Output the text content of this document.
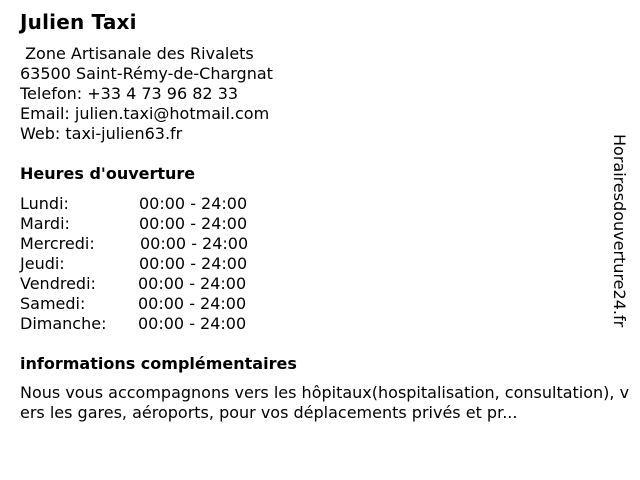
Julien Taxi
Zone Artisanale des Rivalets
63500 Saint-Rémy-de-Chargnat
Telefon: +33 4 73 96 82 33
Email: julien.taxi@hotmail.com
Web: taxi-julien63.fr
Heures d'ouverture
Lundi:	00:00 - 24:00
Mardi:	00:00 - 24:00
Mercredi:	00:00 - 24:00
Jeudi:	00:00 - 24:00
Vendredi:	00:00 - 24:00
Samedi:	00:00 - 24:00
Dimanche: 00:00 - 24:00
informations complémentaires
Nous vous accompagnons vers les hôpitaux(hospitalisation, consultation), vers les gares, aéroports, pour vos déplacements privés et pr...
Horairesdouverture24.fr
